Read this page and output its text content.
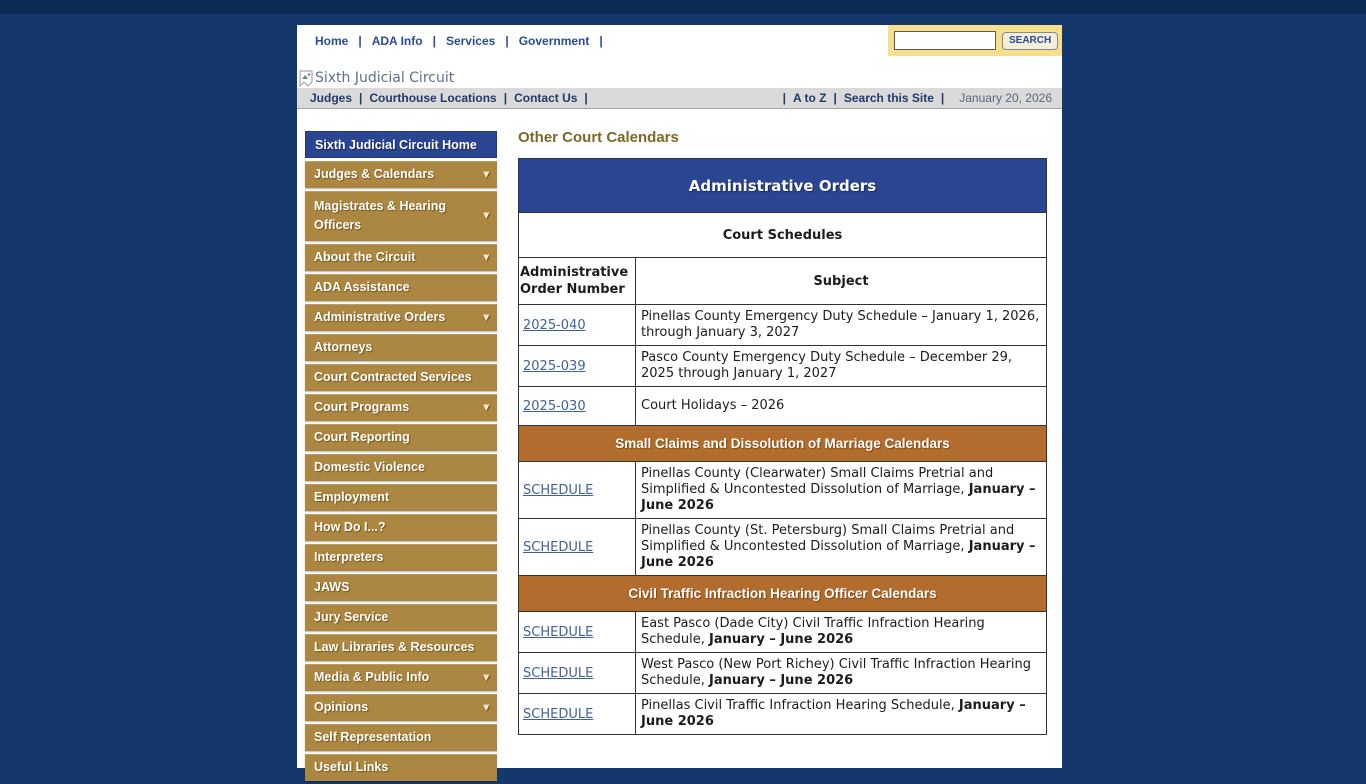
Home | ADA Info | Services | Government |	SEARCH
Sixth Judicial Circuit
Judges | Courthouse Locations | Contact Us |	| A to Z | Search this Site | January 20, 2026
Sixth Judicial Circuit Home
Judges & Calendars	▾
Magistrates & Hearing Officers
▾
About the Circuit	▾
ADA Assistance
Administrative Orders	▾
Attorneys
Court Contracted Services
Court Programs	▾
Court Reporting
Domestic Violence
Employment
How Do I...?
Interpreters
JAWS
Jury Service
Law Libraries & Resources
Media & Public Info	▾
Opinions	▾
Self Representation
Useful Links
Other Court Calendars
Administrative Orders	
Court Schedules	
Administrative Order Number	Subject
2025-040	Pinellas County Emergency Duty Schedule – January 1, 2026, through January 3, 2027
2025-039	Pasco County Emergency Duty Schedule – December 29, 2025 through January 1, 2027
2025-030	Court Holidays – 2026
Small Claims and Dissolution of Marriage Calendars	
SCHEDULE	Pinellas County (Clearwater) Small Claims Pretrial and Simplified & Uncontested Dissolution of Marriage, January – June 2026
SCHEDULE	Pinellas County (St. Petersburg) Small Claims Pretrial and Simplified & Uncontested Dissolution of Marriage, January – June 2026
Civil Traffic Infraction Hearing Officer Calendars	
SCHEDULE	East Pasco (Dade City) Civil Traffic Infraction Hearing Schedule, January – June 2026
SCHEDULE	West Pasco (New Port Richey) Civil Traffic Infraction Hearing Schedule, January – June 2026
SCHEDULE	Pinellas Civil Traffic Infraction Hearing Schedule, January – June 2026
